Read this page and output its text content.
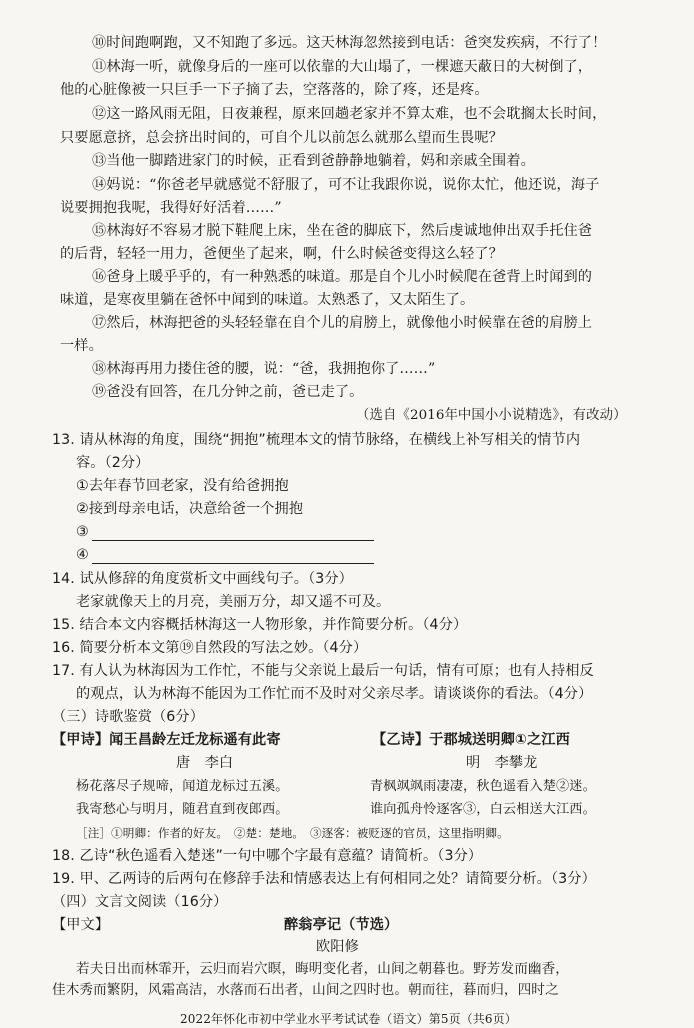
⑩时间跑啊跑，又不知跑了多远。这天林海忽然接到电话：爸突发疾病，不行了！
⑪林海一听，就像身后的一座可以依靠的大山塌了，一棵遮天蔽日的大树倒了，
他的心脏像被一只巨手一下子摘了去，空落落的，除了疼，还是疼。
⑫这一路风雨无阻，日夜兼程，原来回趟老家并不算太难，也不会耽搁太长时间，
只要愿意挤，总会挤出时间的，可自个儿以前怎么就那么望而生畏呢？
⑬当他一脚踏进家门的时候，正看到爸静静地躺着，妈和亲戚全围着。
⑭妈说：“你爸老早就感觉不舒服了，可不让我跟你说，说你太忙，他还说，海子
说要拥抱我呢，我得好好活着……”
⑮林海好不容易才脱下鞋爬上床，坐在爸的脚底下，然后虔诚地伸出双手托住爸
的后背，轻轻一用力，爸便坐了起来，啊，什么时候爸变得这么轻了？
⑯爸身上暖乎乎的，有一种熟悉的味道。那是自个儿小时候爬在爸背上时闻到的
味道，是寒夜里躺在爸怀中闻到的味道。太熟悉了，又太陌生了。
⑰然后，林海把爸的头轻轻靠在自个儿的肩膀上，就像他小时候靠在爸的肩膀上
一样。
⑱林海再用力搂住爸的腰，说：“爸，我拥抱你了……”
⑲爸没有回答，在几分钟之前，爸已走了。
（选自《2016年中国小小说精选》，有改动）
13. 请从林海的角度，围绕“拥抱”梳理本文的情节脉络，在横线上补写相关的情节内
容。（2分）
①去年春节回老家，没有给爸拥抱
②接到母亲电话，决意给爸一个拥抱
③
④
14. 试从修辞的角度赏析文中画线句子。（3分）
老家就像天上的月亮，美丽万分，却又遥不可及。
15. 结合本文内容概括林海这一人物形象，并作简要分析。（4分）
16. 简要分析本文第⑲自然段的写法之妙。（4分）
17. 有人认为林海因为工作忙，不能与父亲说上最后一句话，情有可原；也有人持相反
的观点，认为林海不能因为工作忙而不及时对父亲尽孝。请谈谈你的看法。（4分）
（三）诗歌鉴赏（6分）
【甲诗】闻王昌龄左迁龙标遥有此寄
唐　李白
杨花落尽子规啼，闻道龙标过五溪。
我寄愁心与明月，随君直到夜郎西。
［注］①明卿：作者的好友。　②楚：楚地。　③逐客：被贬逐的官员，这里指明卿。
【乙诗】于郡城送明卿①之江西
明　李攀龙
青枫飒飒雨凄凄，秋色遥看入楚②迷。
谁向孤舟怜逐客③，白云相送大江西。
18. 乙诗“秋色遥看入楚迷”一句中哪个字最有意蕴？请简析。（3分）
19. 甲、乙两诗的后两句在修辞手法和情感表达上有何相同之处？请简要分析。（3分）
（四）文言文阅读（16分）
【甲文】	醉翁亭记（节选）
欧阳修
若夫日出而林霏开，云归而岩穴暝，晦明变化者，山间之朝暮也。野芳发而幽香，
佳木秀而繁阴，风霜高洁，水落而石出者，山间之四时也。朝而往，暮而归，四时之
2022年怀化市初中学业水平考试试卷（语文）第5页（共6页）
